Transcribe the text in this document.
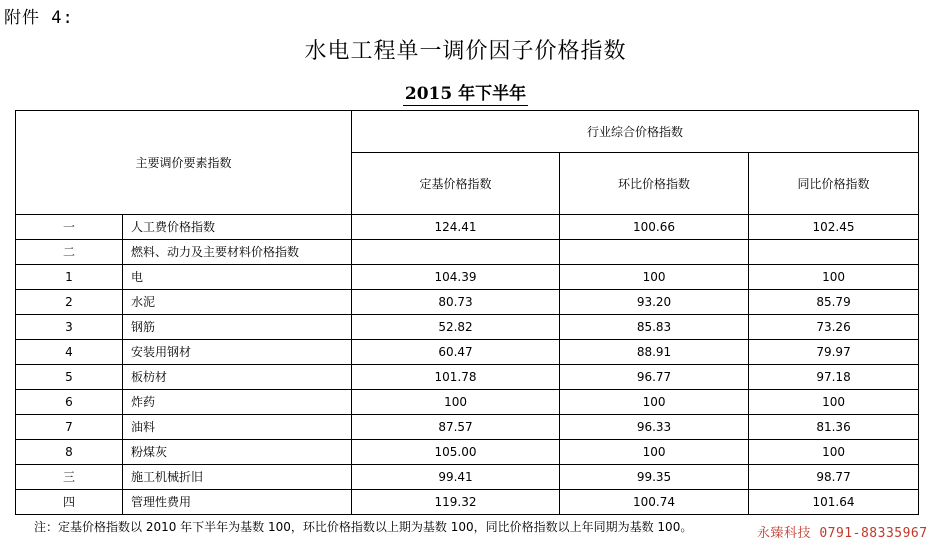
附件 4:
水电工程单一调价因子价格指数
2015 年下半年
主要调价要素指数		行业综合价格指数		
		定基价格指数	环比价格指数	同比价格指数
一	人工费价格指数	124.41	100.66	102.45
二	燃料、动力及主要材料价格指数			
1	电	104.39	100	100
2	水泥	80.73	93.20	85.79
3	钢筋	52.82	85.83	73.26
4	安装用钢材	60.47	88.91	79.97
5	板枋材	101.78	96.77	97.18
6	炸药	100	100	100
7	油料	87.57	96.33	81.36
8	粉煤灰	105.00	100	100
三	施工机械折旧	99.41	99.35	98.77
四	管理性费用	119.32	100.74	101.64
注：定基价格指数以 2010 年下半年为基数 100，环比价格指数以上期为基数 100，同比价格指数以上年同期为基数 100。	永臻科技 0791-88335967
